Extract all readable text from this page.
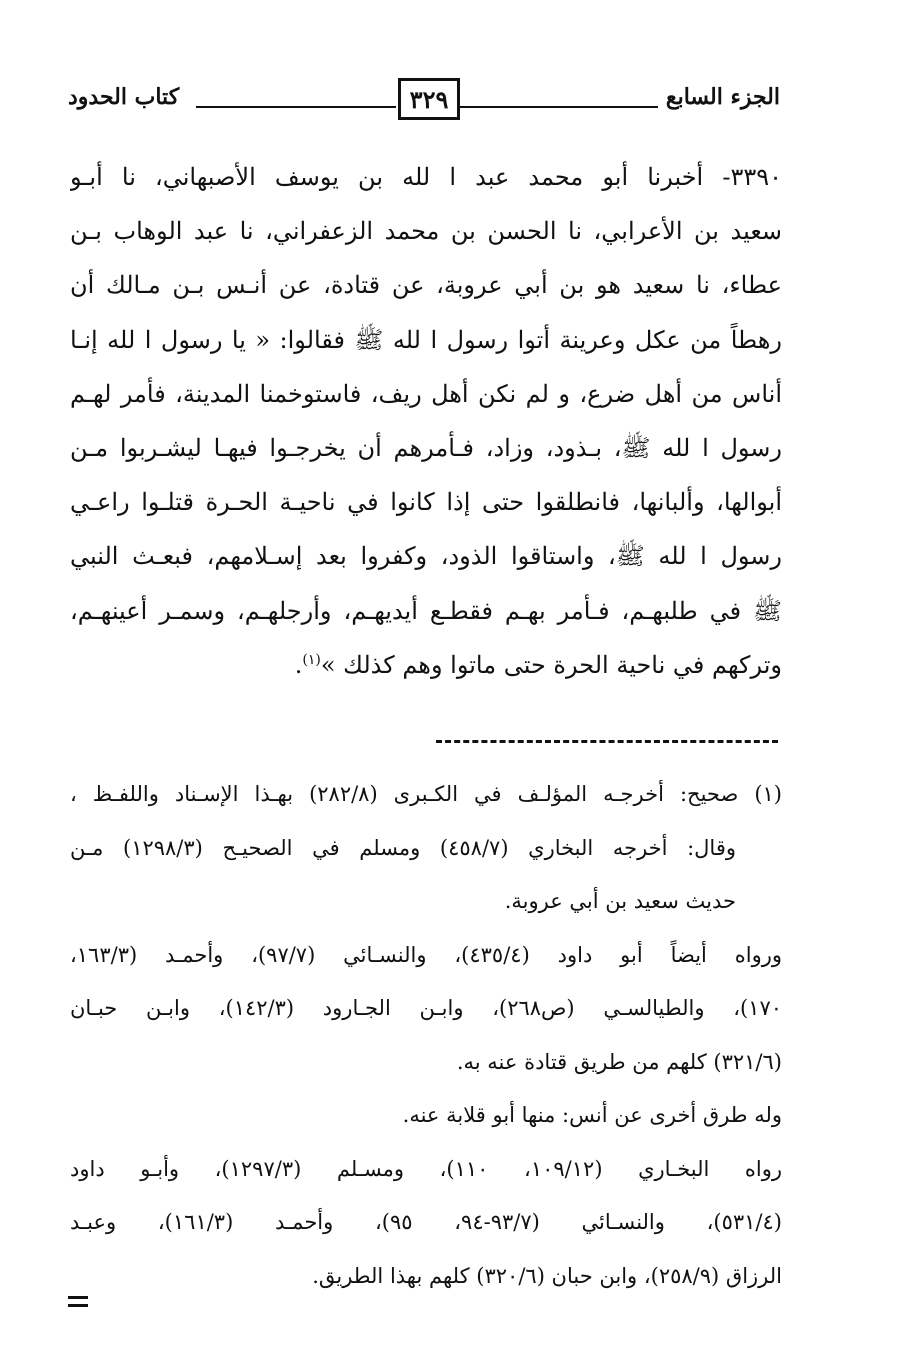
الجزء السابع
٣٢٩
كتاب الحدود
٣٣٩٠- أخبرنا أبو محمد عبد ا لله بن يوسف الأصبهاني، نا أبـو
سعيد بن الأعرابي، نا الحسن بن محمد الزعفراني، نا عبد الوهاب بـن
عطاء، نا سعيد هو بن أبي عروبة، عن قتادة، عن أنـس بـن مـالك أن
رهطاً من عكل وعرينة أتوا رسول ا لله ﷺ فقالوا: « يا رسول ا لله إنـا
أناس من أهل ضرع، و لم نكن أهل ريف، فاستوخمنا المدينة، فأمر لهـم
رسول ا لله ﷺ، بـذود، وزاد، فـأمرهم أن يخرجـوا فيهـا ليشـربوا مـن
أبوالها، وألبانها، فانطلقوا حتى إذا كانوا في ناحيـة الحـرة قتلـوا راعـي
رسول ا لله ﷺ، واستاقوا الذود، وكفروا بعد إسـلامهم، فبعـث النبي
ﷺ في طلبهـم، فـأمر بهـم فقطـع أيديهـم، وأرجلهـم، وسمـر أعينهـم،
وتركهم في ناحية الحرة حتى ماتوا وهم كذلك »$^{(١)}$.
(١) صحيح: أخرجـه المؤلـف في الكـبرى (٢٨٢/٨) بهـذا الإسـناد واللفـظ ،
وقال: أخرجه البخاري (٤٥٨/٧) ومسلم في الصحيـح (١٢٩٨/٣) مـن
حديث سعيد بن أبي عروبة.
ورواه أيضاً أبو داود (٤٣٥/٤)، والنسـائي (٩٧/٧)، وأحمـد (١٦٣/٣،
١٧٠)، والطيالسـي (ص٢٦٨)، وابـن الجـارود (١٤٢/٣)، وابـن حبـان
(٣٢١/٦) كلهم من طريق قتادة عنه به.
وله طرق أخرى عن أنس: منها أبو قلابة عنه.
رواه البخـاري (١٠٩/١٢، ١١٠)، ومسـلم (١٢٩٧/٣)، وأبـو داود
(٥٣١/٤)، والنسـائي (٩٣/٧-٩٤، ٩٥)، وأحمـد (١٦١/٣)، وعبـد
الرزاق (٢٥٨/٩)، وابن حبان (٣٢٠/٦) كلهم بهذا الطريق.
